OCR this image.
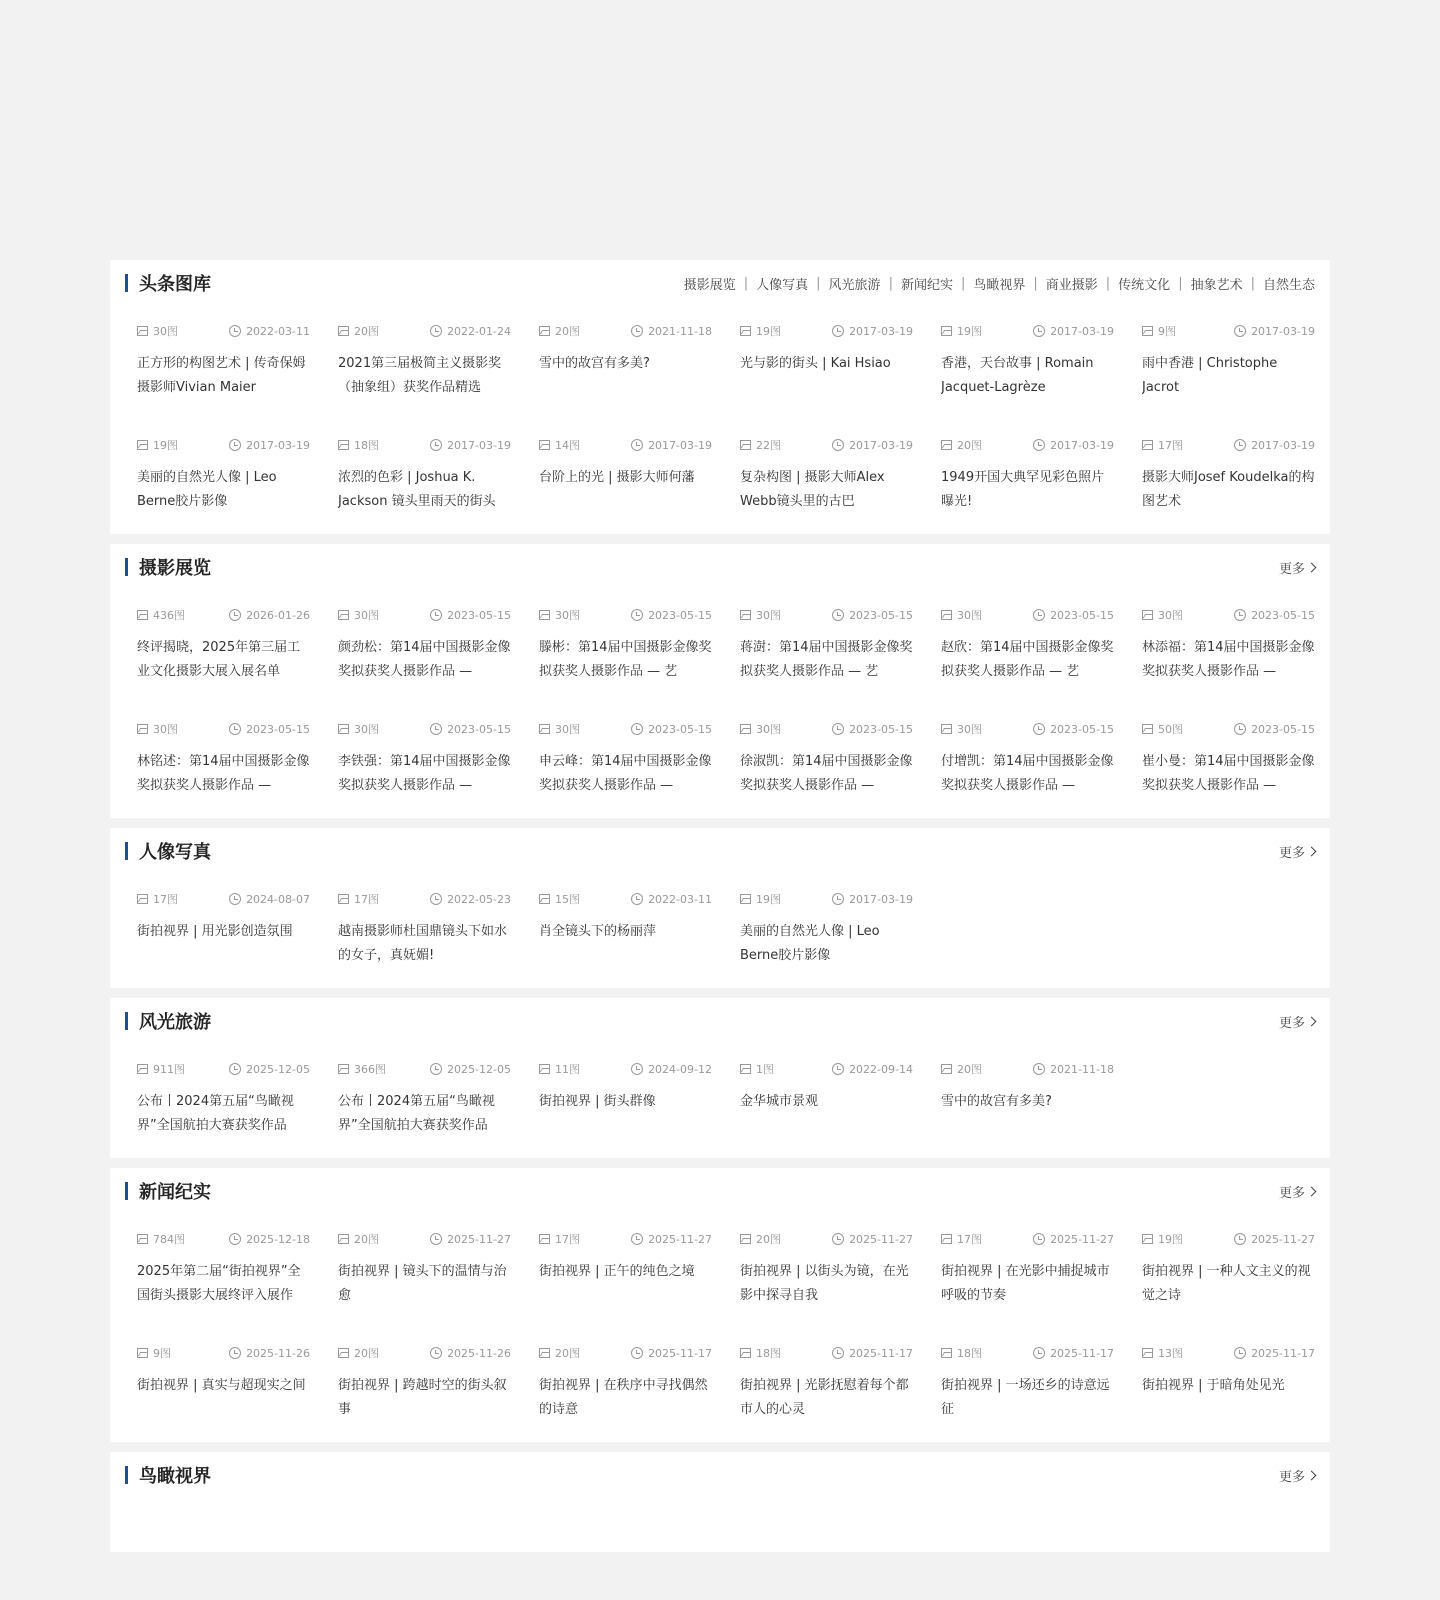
头条图库	摄影展览 | 人像写真 | 风光旅游 | 新闻纪实 | 鸟瞰视界 | 商业摄影 | 传统文化 | 抽象艺术 | 自然生态
30图	2022-03-11
正方形的构图艺术 | 传奇保姆摄影师Vivian Maier
20图	2022-01-24
2021第三届极简主义摄影奖（抽象组）获奖作品精选
20图	2021-11-18
雪中的故宫有多美?
19图	2017-03-19
光与影的街头 | Kai Hsiao
19图	2017-03-19
香港，天台故事 | Romain Jacquet-Lagrèze
9图	2017-03-19
雨中香港 | Christophe Jacrot
19图	2017-03-19
美丽的自然光人像 | Leo Berne胶片影像
18图	2017-03-19
浓烈的色彩 | Joshua K. Jackson 镜头里雨天的街头
14图	2017-03-19
台阶上的光 | 摄影大师何藩
22图	2017-03-19
复杂构图 | 摄影大师Alex Webb镜头里的古巴
20图	2017-03-19
1949开国大典罕见彩色照片曝光!
17图	2017-03-19
摄影大师Josef Koudelka的构图艺术
摄影展览	更多
436图	2026-01-26
终评揭晓，2025年第三届工业文化摄影大展入展名单
30图	2023-05-15
颜劲松：第14届中国摄影金像奖拟获奖人摄影作品 —
30图	2023-05-15
滕彬：第14届中国摄影金像奖拟获奖人摄影作品 — 艺
30图	2023-05-15
蒋澍：第14届中国摄影金像奖拟获奖人摄影作品 — 艺
30图	2023-05-15
赵欣：第14届中国摄影金像奖拟获奖人摄影作品 — 艺
30图	2023-05-15
林添福：第14届中国摄影金像奖拟获奖人摄影作品 —
30图	2023-05-15
林铭述：第14届中国摄影金像奖拟获奖人摄影作品 —
30图	2023-05-15
李铁强：第14届中国摄影金像奖拟获奖人摄影作品 —
30图	2023-05-15
申云峰：第14届中国摄影金像奖拟获奖人摄影作品 —
30图	2023-05-15
徐淑凯：第14届中国摄影金像奖拟获奖人摄影作品 —
30图	2023-05-15
付增凯：第14届中国摄影金像奖拟获奖人摄影作品 —
50图	2023-05-15
崔小曼：第14届中国摄影金像奖拟获奖人摄影作品 —
人像写真	更多
17图	2024-08-07
街拍视界 | 用光影创造氛围
17图	2022-05-23
越南摄影师杜国鼎镜头下如水的女子，真妩媚!
15图	2022-03-11
肖全镜头下的杨丽萍
19图	2017-03-19
美丽的自然光人像 | Leo Berne胶片影像
风光旅游	更多
911图	2025-12-05
公布丨2024第五届“鸟瞰视界”全国航拍大赛获奖作品
366图	2025-12-05
公布丨2024第五届“鸟瞰视界”全国航拍大赛获奖作品
11图	2024-09-12
街拍视界 | 街头群像
1图	2022-09-14
金华城市景观
20图	2021-11-18
雪中的故宫有多美?
新闻纪实	更多
784图	2025-12-18
2025年第二届“街拍视界”全国街头摄影大展终评入展作
20图	2025-11-27
街拍视界 | 镜头下的温情与治愈
17图	2025-11-27
街拍视界 | 正午的纯色之境
20图	2025-11-27
街拍视界 | 以街头为镜，在光影中探寻自我
17图	2025-11-27
街拍视界 | 在光影中捕捉城市呼吸的节奏
19图	2025-11-27
街拍视界 | 一种人文主义的视觉之诗
9图	2025-11-26
街拍视界 | 真实与超现实之间
20图	2025-11-26
街拍视界 | 跨越时空的街头叙事
20图	2025-11-17
街拍视界 | 在秩序中寻找偶然的诗意
18图	2025-11-17
街拍视界 | 光影抚慰着每个都市人的心灵
18图	2025-11-17
街拍视界 | 一场还乡的诗意远征
13图	2025-11-17
街拍视界 | 于暗角处见光
鸟瞰视界	更多
